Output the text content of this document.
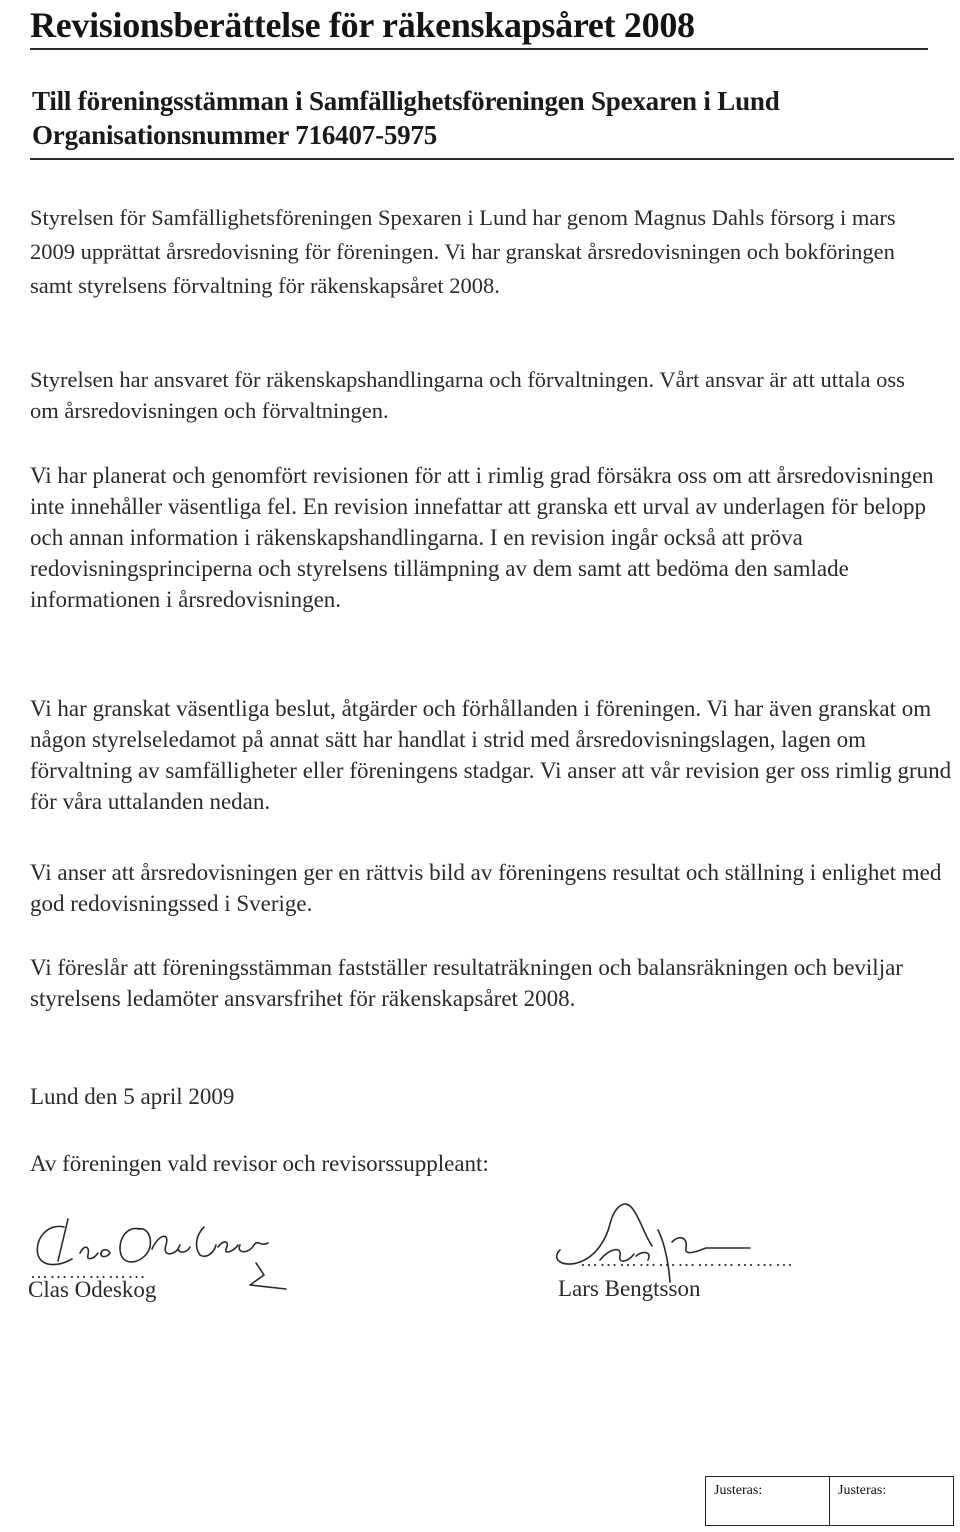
Revisionsberättelse för räkenskapsåret 2008
Till föreningsstämman i Samfällighetsföreningen Spexaren i Lund
Organisationsnummer 716407-5975

Styrelsen för Samfällighetsföreningen Spexaren i Lund har genom Magnus Dahls försorg i mars 2009 upprättat årsredovisning för föreningen. Vi har granskat årsredovisningen och bokföringen samt styrelsens förvaltning för räkenskapsåret 2008.

Styrelsen har ansvaret för räkenskapshandlingarna och förvaltningen. Vårt ansvar är att uttala oss om årsredovisningen och förvaltningen.

Vi har planerat och genomfört revisionen för att i rimlig grad försäkra oss om att årsredovisningen inte innehåller väsentliga fel. En revision innefattar att granska ett urval av underlagen för belopp och annan information i räkenskapshandlingarna. I en revision ingår också att pröva redovisningsprinciperna och styrelsens tillämpning av dem samt att bedöma den samlade informationen i årsredovisningen.

Vi har granskat väsentliga beslut, åtgärder och förhållanden i föreningen. Vi har även granskat om någon styrelseledamot på annat sätt har handlat i strid med årsredovisningslagen, lagen om förvaltning av samfälligheter eller föreningens stadgar. Vi anser att vår revision ger oss rimlig grund för våra uttalanden nedan.

Vi anser att årsredovisningen ger en rättvis bild av föreningens resultat och ställning i enlighet med god redovisningssed i Sverige.

Vi föreslår att föreningsstämman fastställer resultaträkningen och balansräkningen och beviljar styrelsens ledamöter ansvarsfrihet för räkenskapsåret 2008.

Lund den 5 april 2009

Av föreningen vald revisor och revisorssuppleant:

………………
Clas Odeskog
……………………………
Lars Bengtsson
Justeras:	Justeras:
